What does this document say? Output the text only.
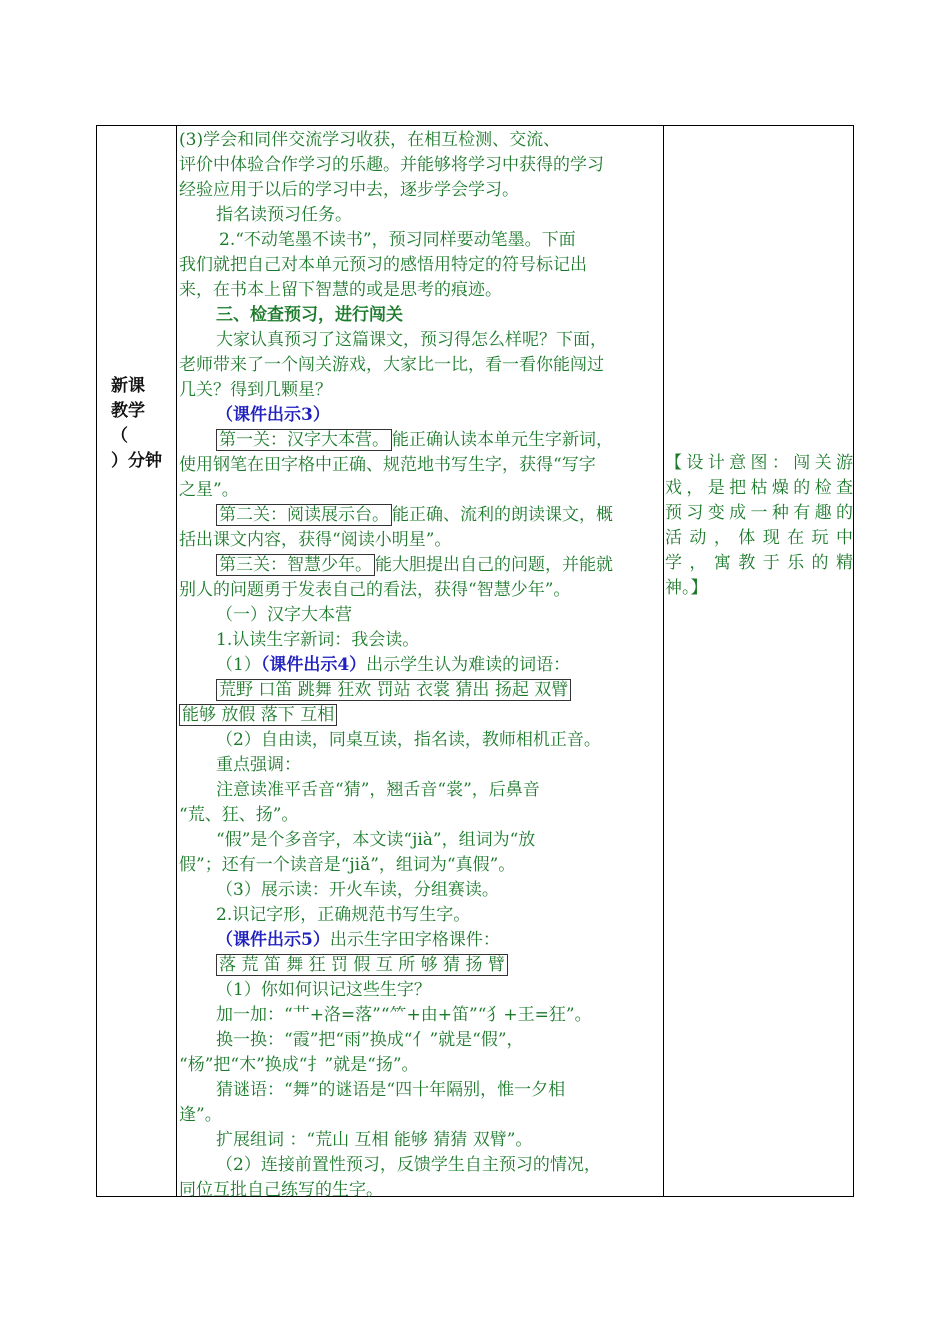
新课
教学
（
）分钟
(3)学会和同伴交流学习收获，在相互检测、交流、
评价中体验合作学习的乐趣。并能够将学习中获得的学习
经验应用于以后的学习中去，逐步学会学习。
指名读预习任务。
2.“不动笔墨不读书”，预习同样要动笔墨。下面
我们就把自己对本单元预习的感悟用特定的符号标记出
来，在书本上留下智慧的或是思考的痕迹。
三、检查预习，进行闯关
大家认真预习了这篇课文，预习得怎么样呢？下面，
老师带来了一个闯关游戏，大家比一比，看一看你能闯过
几关？得到几颗星？
（课件出示3）
第一关：汉字大本营。 能正确认读本单元生字新词，
使用钢笔在田字格中正确、规范地书写生字，获得“写字
之星”。
第二关：阅读展示台。 能正确、流利的朗读课文，概
括出课文内容，获得“阅读小明星”。
第三关：智慧少年。 能大胆提出自己的问题，并能就
别人的问题勇于发表自己的看法，获得“智慧少年”。
（一）汉字大本营
1.认读生字新词：我会读。
（1）（课件出示4）出示学生认为难读的词语：
荒野 口笛 跳舞 狂欢 罚站 衣裳 猜出 扬起 双臂
能够 放假 落下 互相
（2）自由读，同桌互读，指名读，教师相机正音。
重点强调：
注意读准平舌音“猜”，翘舌音“裳”，后鼻音
“荒、狂、扬”。
“假”是个多音字，本文读“jià”，组词为“放
假”；还有一个读音是“jiǎ”，组词为“真假”。
（3）展示读：开火车读，分组赛读。
2.识记字形，正确规范书写生字。
（课件出示5）出示生字田字格课件：
落 荒 笛 舞 狂 罚 假 互 所 够 猜 扬 臂
（1）你如何识记这些生字？
加一加：“艹+洛=落”“⺮+由+笛”“犭+王=狂”。
换一换：“霞”把“雨”换成“亻”就是“假”，
“杨”把“木”换成“扌”就是“扬”。
猜谜语：“舞”的谜语是“四十年隔别，惟一夕相
逢”。
扩展组词 ：“荒山 互相 能够 猜猜 双臂”。
（2）连接前置性预习，反馈学生自主预习的情况，
同位互批自己练写的生字。
【 设 计 意 图 ： 闯 关 游
戏 ， 是 把 枯 燥 的 检 查
预 习 变 成 一 种 有 趣 的
活 动 ， 体 现 在 玩 中
学 ， 寓 教 于 乐 的 精
神。】
